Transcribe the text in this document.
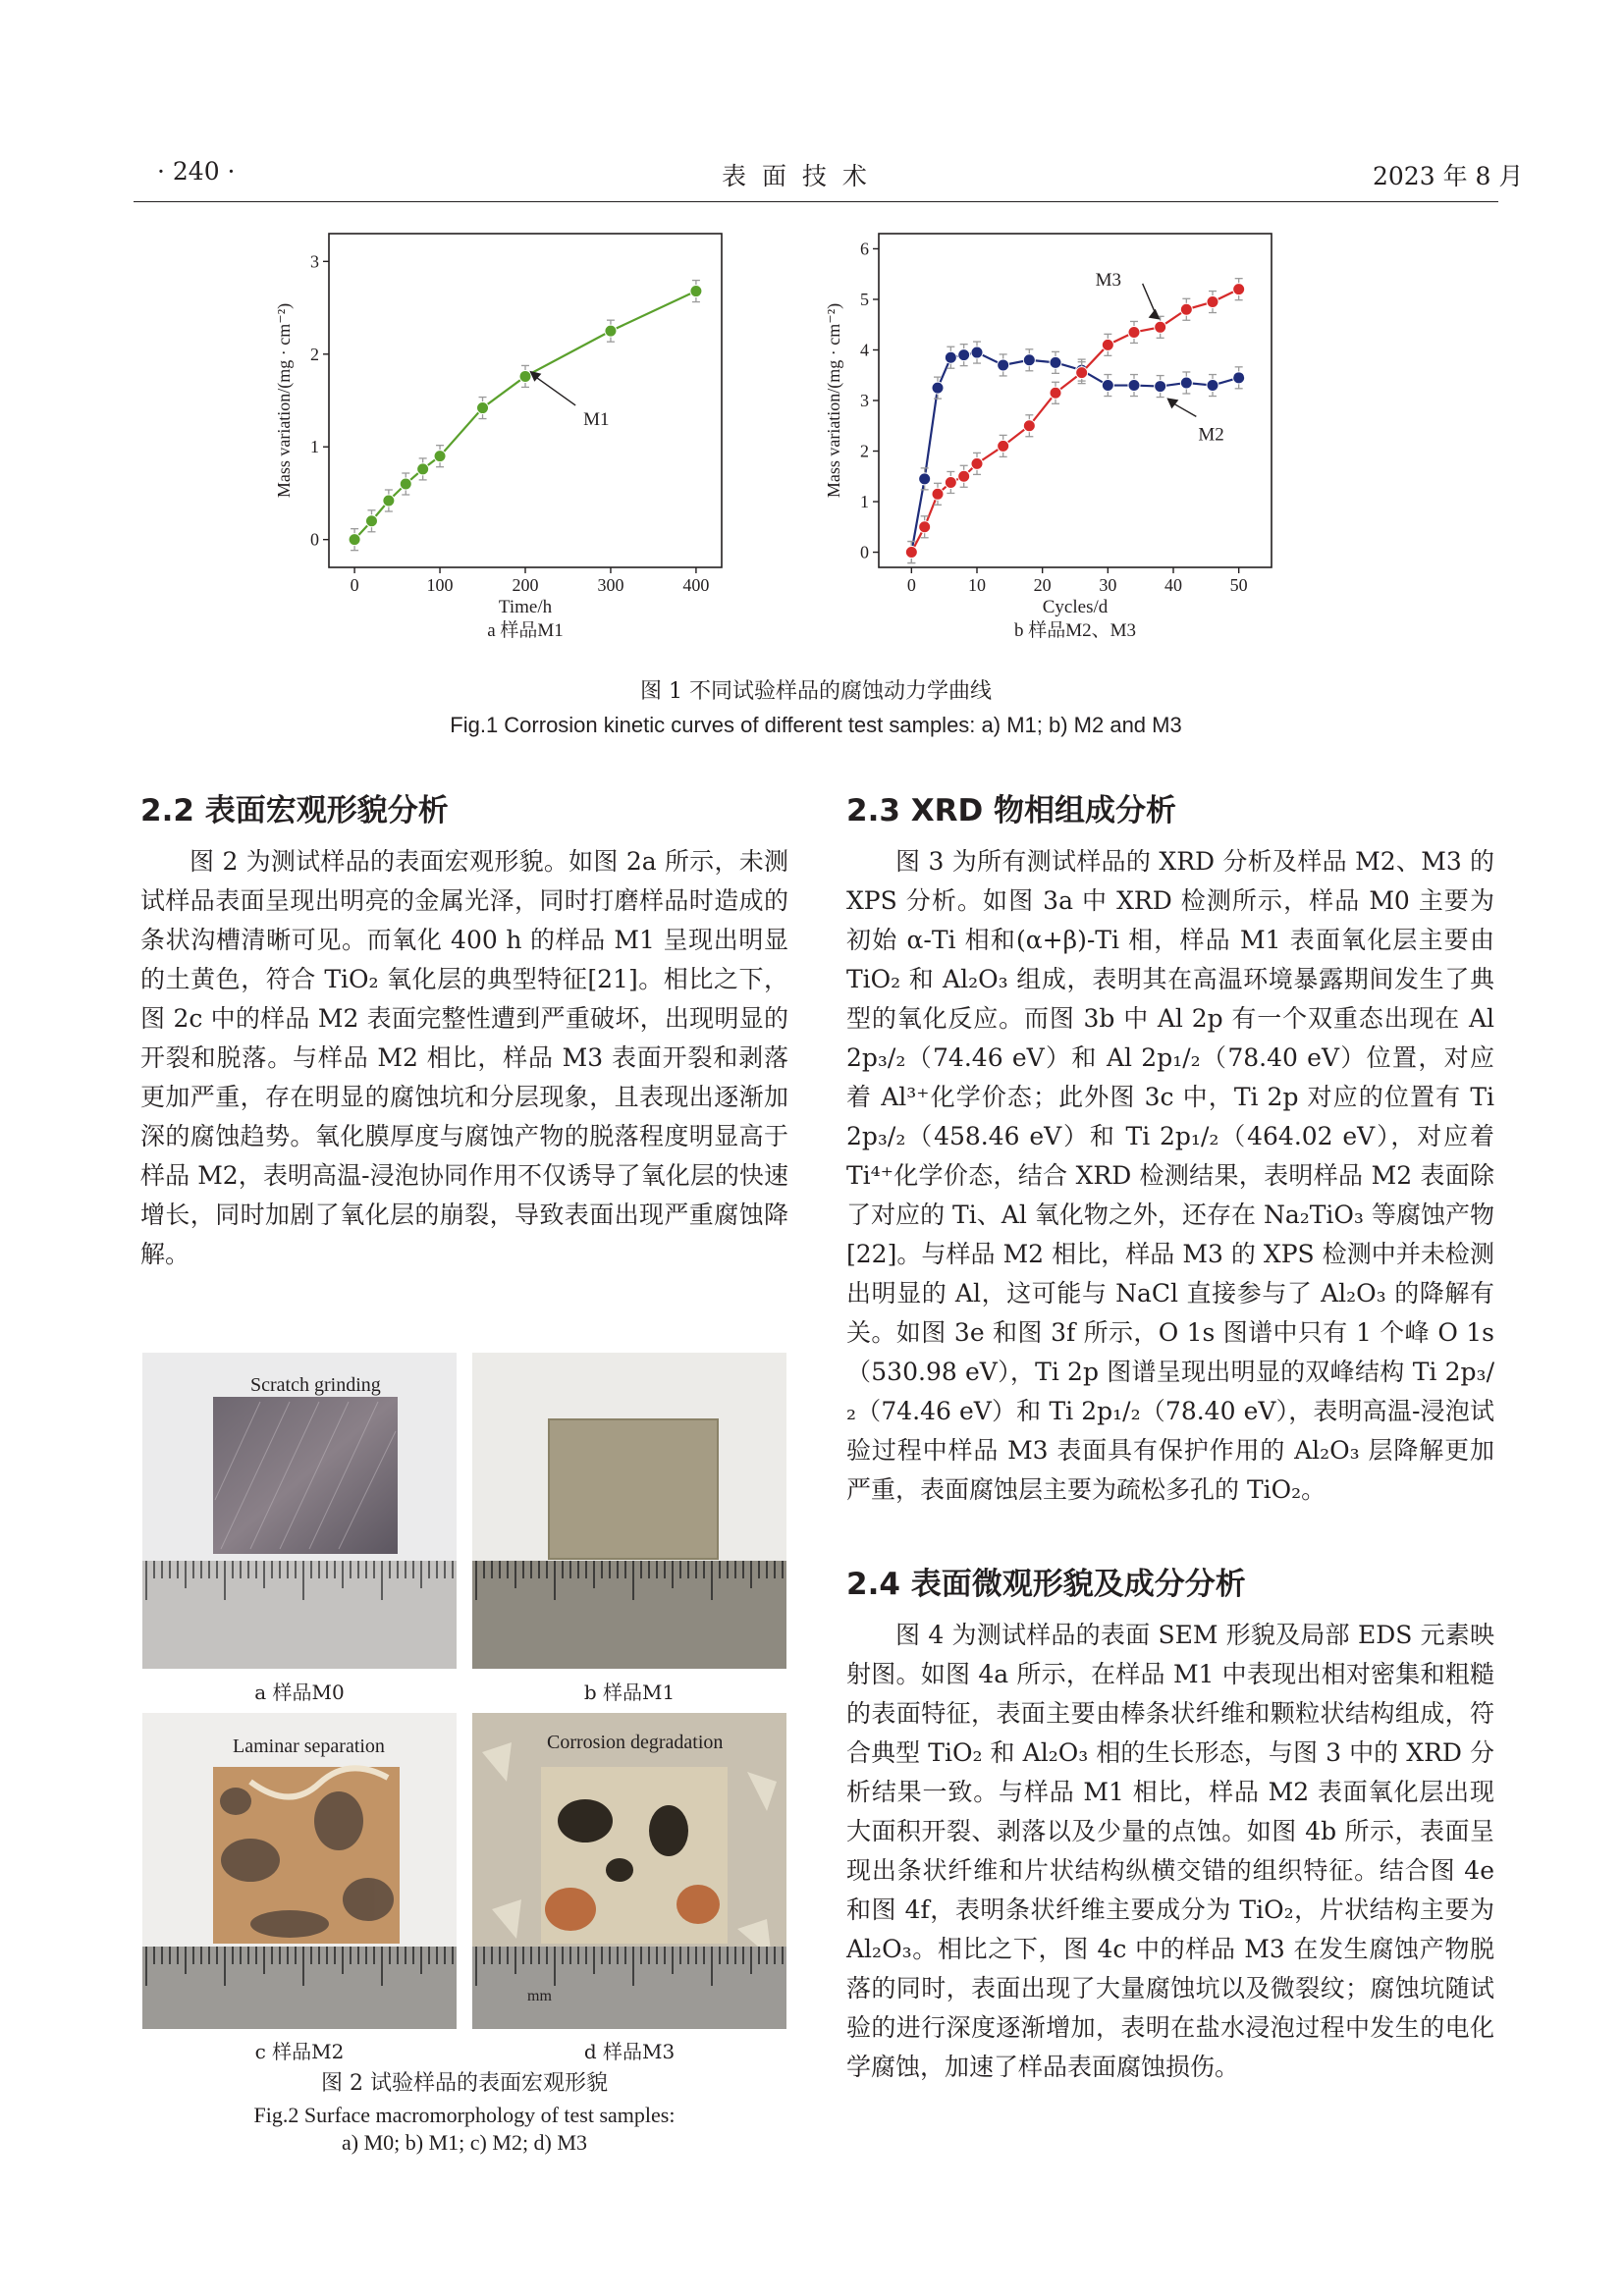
· 240 ·	表 面 技 术	2023 年 8 月
0	100	200	300	400
0
1
2
3
Time/h
Mass variation/(mg · cm⁻²)
a 样品M1
M1
0	10	20	30	40	50
0
1
2
3
4
5
6
Cycles/d
Mass variation/(mg · cm⁻²)
b 样品M2、M3
M3
M2
图 1 不同试验样品的腐蚀动力学曲线
Fig.1 Corrosion kinetic curves of different test samples: a) M1; b) M2 and M3
2.2 表面宏观形貌分析

图 2 为测试样品的表面宏观形貌。如图 2a 所示，未测试样品表面呈现出明亮的金属光泽，同时打磨样品时造成的条状沟槽清晰可见。而氧化 400 h 的样品 M1 呈现出明显的土黄色，符合 TiO₂ 氧化层的典型特征[21]。相比之下，图 2c 中的样品 M2 表面完整性遭到严重破坏，出现明显的开裂和脱落。与样品 M2 相比，样品 M3 表面开裂和剥落更加严重，存在明显的腐蚀坑和分层现象，且表现出逐渐加深的腐蚀趋势。氧化膜厚度与腐蚀产物的脱落程度明显高于样品 M2，表明高温-浸泡协同作用不仅诱导了氧化层的快速增长，同时加剧了氧化层的崩裂，导致表面出现严重腐蚀降解。

Scratch grinding
a 样品M0	b 样品M1
Laminar separation
c 样品M2
Corrosion degradation
mm
d 样品M3
图 2 试验样品的表面宏观形貌
Fig.2 Surface macromorphology of test samples:
a) M0; b) M1; c) M2; d) M3
2.3 XRD 物相组成分析

图 3 为所有测试样品的 XRD 分析及样品 M2、M3 的 XPS 分析。如图 3a 中 XRD 检测所示，样品 M0 主要为初始 α-Ti 相和(α+β)-Ti 相，样品 M1 表面氧化层主要由 TiO₂ 和 Al₂O₃ 组成，表明其在高温环境暴露期间发生了典型的氧化反应。而图 3b 中 Al 2p 有一个双重态出现在 Al 2p₃/₂（74.46 eV）和 Al 2p₁/₂（78.40 eV）位置，对应着 Al³⁺化学价态；此外图 3c 中，Ti 2p 对应的位置有 Ti 2p₃/₂（458.46 eV）和 Ti 2p₁/₂（464.02 eV），对应着 Ti⁴⁺化学价态，结合 XRD 检测结果，表明样品 M2 表面除了对应的 Ti、Al 氧化物之外，还存在 Na₂TiO₃ 等腐蚀产物[22]。与样品 M2 相比，样品 M3 的 XPS 检测中并未检测出明显的 Al，这可能与 NaCl 直接参与了 Al₂O₃ 的降解有关。如图 3e 和图 3f 所示，O 1s 图谱中只有 1 个峰 O 1s（530.98 eV），Ti 2p 图谱呈现出明显的双峰结构 Ti 2p₃/₂（74.46 eV）和 Ti 2p₁/₂（78.40 eV），表明高温-浸泡试验过程中样品 M3 表面具有保护作用的 Al₂O₃ 层降解更加严重，表面腐蚀层主要为疏松多孔的 TiO₂。

2.4 表面微观形貌及成分分析

图 4 为测试样品的表面 SEM 形貌及局部 EDS 元素映射图。如图 4a 所示，在样品 M1 中表现出相对密集和粗糙的表面特征，表面主要由棒条状纤维和颗粒状结构组成，符合典型 TiO₂ 和 Al₂O₃ 相的生长形态，与图 3 中的 XRD 分析结果一致。与样品 M1 相比，样品 M2 表面氧化层出现大面积开裂、剥落以及少量的点蚀。如图 4b 所示，表面呈现出条状纤维和片状结构纵横交错的组织特征。结合图 4e 和图 4f，表明条状纤维主要成分为 TiO₂，片状结构主要为 Al₂O₃。相比之下，图 4c 中的样品 M3 在发生腐蚀产物脱落的同时，表面出现了大量腐蚀坑以及微裂纹；腐蚀坑随试验的进行深度逐渐增加，表明在盐水浸泡过程中发生的电化学腐蚀，加速了样品表面腐蚀损伤。
